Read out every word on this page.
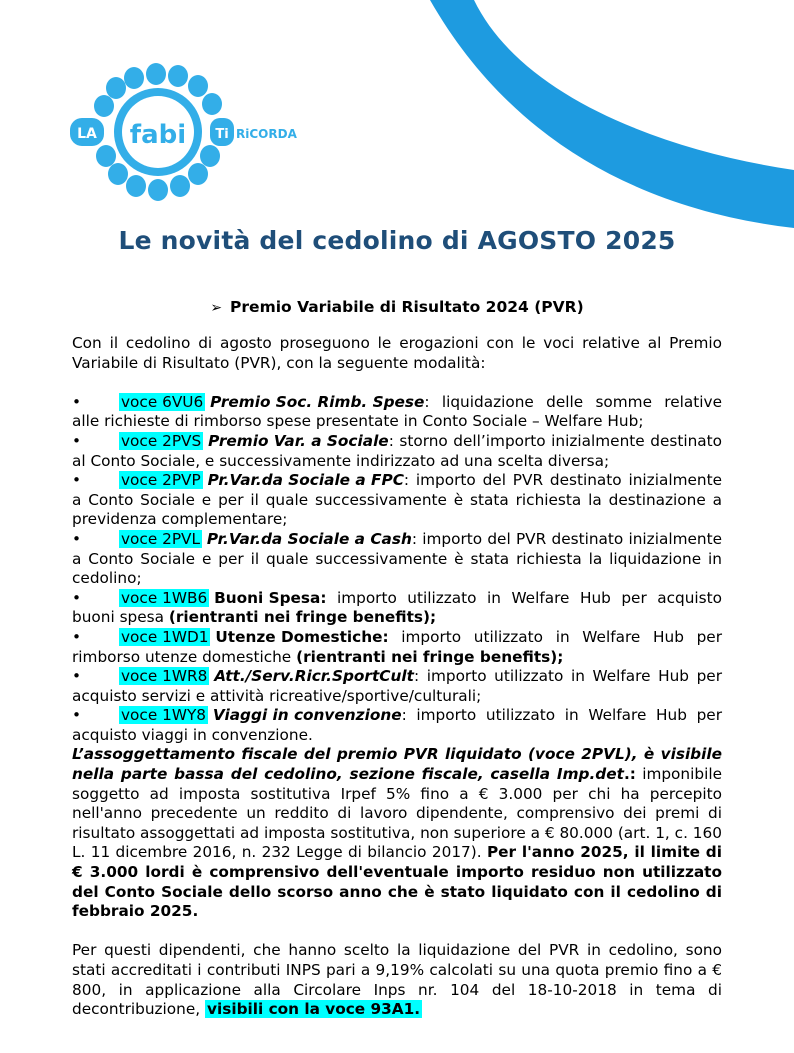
LA fabi Ti RiCORDA
Le novità del cedolino di AGOSTO 2025
➢ Premio Variabile di Risultato 2024 (PVR)

Con il cedolino di agosto proseguono le erogazioni con le voci relative al Premio Variabile di Risultato (PVR), con la seguente modalità:

•	voce 6VU6 Premio Soc. Rimb. Spese: liquidazione delle somme relative alle richieste di rimborso spese presentate in Conto Sociale – Welfare Hub;

•	voce 2PVS Premio Var. a Sociale: storno dell’importo inizialmente destinato al Conto Sociale, e successivamente indirizzato ad una scelta diversa;

•	voce 2PVP Pr.Var.da Sociale a FPC: importo del PVR destinato inizialmente a Conto Sociale e per il quale successivamente è stata richiesta la destinazione a previdenza complementare;

•	voce 2PVL Pr.Var.da Sociale a Cash: importo del PVR destinato inizialmente a Conto Sociale e per il quale successivamente è stata richiesta la liquidazione in cedolino;

•	voce 1WB6 Buoni Spesa: importo utilizzato in Welfare Hub per acquisto buoni spesa (rientranti nei fringe benefits);

•	voce 1WD1 Utenze Domestiche: importo utilizzato in Welfare Hub per rimborso utenze domestiche (rientranti nei fringe benefits);

•	voce 1WR8 Att./Serv.Ricr.SportCult: importo utilizzato in Welfare Hub per acquisto servizi e attività ricreative/sportive/culturali;

•	voce 1WY8 Viaggi in convenzione: importo utilizzato in Welfare Hub per acquisto viaggi in convenzione.

L’assoggettamento fiscale del premio PVR liquidato (voce 2PVL), è visibile nella parte bassa del cedolino, sezione fiscale, casella Imp.det.: imponibile soggetto ad imposta sostitutiva Irpef 5% fino a € 3.000 per chi ha percepito nell'anno precedente un reddito di lavoro dipendente, comprensivo dei premi di risultato assoggettati ad imposta sostitutiva, non superiore a € 80.000 (art. 1, c. 160 L. 11 dicembre 2016, n. 232 Legge di bilancio 2017). Per l'anno 2025, il limite di € 3.000 lordi è comprensivo dell'eventuale importo residuo non utilizzato del Conto Sociale dello scorso anno che è stato liquidato con il cedolino di febbraio 2025.

Per questi dipendenti, che hanno scelto la liquidazione del PVR in cedolino, sono stati accreditati i contributi INPS pari a 9,19% calcolati su una quota premio fino a € 800, in applicazione alla Circolare Inps nr. 104 del 18-10-2018 in tema di decontribuzione, visibili con la voce 93A1.
